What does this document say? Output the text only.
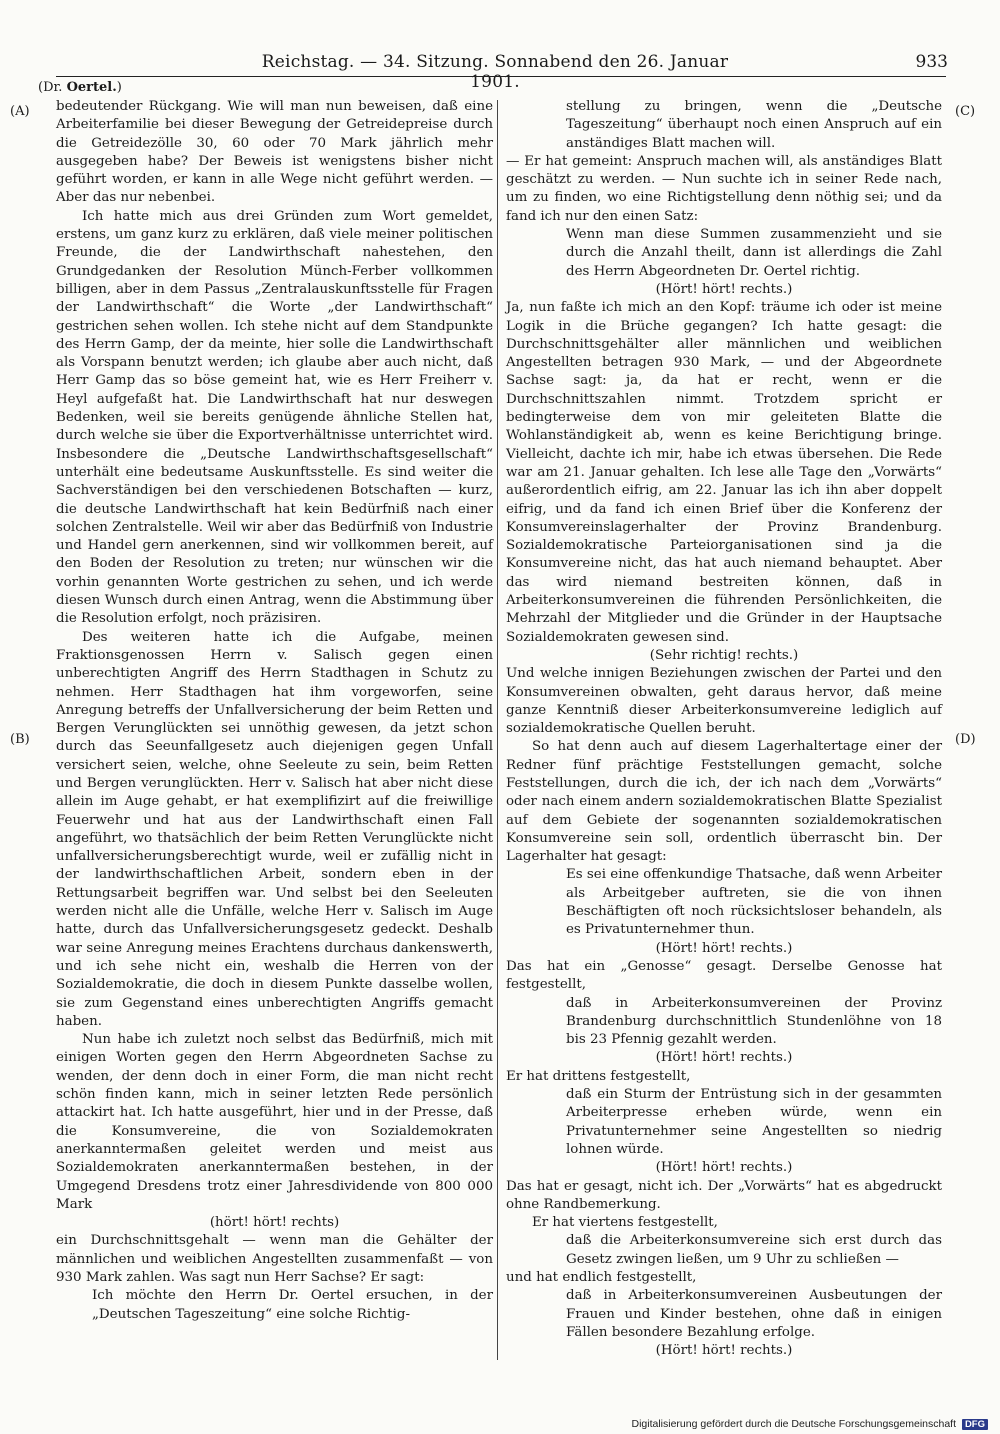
Reichstag. — 34. Sitzung. Sonnabend den 26. Januar 1901.
933
(Dr. Oertel.)
(A)
(B)
(C)
(D)

bedeutender Rückgang. Wie will man nun beweisen, daß eine Arbeiterfamilie bei dieser Bewegung der Getreidepreise durch die Getreidezölle 30, 60 oder 70 Mark jährlich mehr ausgegeben habe? Der Beweis ist wenigstens bisher nicht geführt worden, er kann in alle Wege nicht geführt werden. — Aber das nur nebenbei.

Ich hatte mich aus drei Gründen zum Wort gemeldet, erstens, um ganz kurz zu erklären, daß viele meiner politischen Freunde, die der Landwirthschaft nahestehen, den Grundgedanken der Resolution Münch-Ferber vollkommen billigen, aber in dem Passus „Zentralauskunftsstelle für Fragen der Landwirthschaft“ die Worte „der Landwirthschaft“ gestrichen sehen wollen. Ich stehe nicht auf dem Standpunkte des Herrn Gamp, der da meinte, hier solle die Landwirthschaft als Vorspann benutzt werden; ich glaube aber auch nicht, daß Herr Gamp das so böse gemeint hat, wie es Herr Freiherr v. Heyl aufgefaßt hat. Die Landwirthschaft hat nur deswegen Bedenken, weil sie bereits genügende ähnliche Stellen hat, durch welche sie über die Exportverhältnisse unterrichtet wird. Insbesondere die „Deutsche Landwirthschaftsgesellschaft“ unterhält eine bedeutsame Auskunftsstelle. Es sind weiter die Sachverständigen bei den verschiedenen Botschaften — kurz, die deutsche Landwirthschaft hat kein Bedürfniß nach einer solchen Zentralstelle. Weil wir aber das Bedürfniß von Industrie und Handel gern anerkennen, sind wir vollkommen bereit, auf den Boden der Resolution zu treten; nur wünschen wir die vorhin genannten Worte gestrichen zu sehen, und ich werde diesen Wunsch durch einen Antrag, wenn die Abstimmung über die Resolution erfolgt, noch präzisiren.

Des weiteren hatte ich die Aufgabe, meinen Fraktionsgenossen Herrn v. Salisch gegen einen unberechtigten Angriff des Herrn Stadthagen in Schutz zu nehmen. Herr Stadthagen hat ihm vorgeworfen, seine Anregung betreffs der Unfallversicherung der beim Retten und Bergen Verunglückten sei unnöthig gewesen, da jetzt schon durch das Seeunfallgesetz auch diejenigen gegen Unfall versichert seien, welche, ohne Seeleute zu sein, beim Retten und Bergen verunglückten. Herr v. Salisch hat aber nicht diese allein im Auge gehabt, er hat exemplifizirt auf die freiwillige Feuerwehr und hat aus der Landwirthschaft einen Fall angeführt, wo thatsächlich der beim Retten Verunglückte nicht unfallversicherungsberechtigt wurde, weil er zufällig nicht in der landwirthschaftlichen Arbeit, sondern eben in der Rettungsarbeit begriffen war. Und selbst bei den Seeleuten werden nicht alle die Unfälle, welche Herr v. Salisch im Auge hatte, durch das Unfallversicherungsgesetz gedeckt. Deshalb war seine Anregung meines Erachtens durchaus dankenswerth, und ich sehe nicht ein, weshalb die Herren von der Sozialdemokratie, die doch in diesem Punkte dasselbe wollen, sie zum Gegenstand eines unberechtigten Angriffs gemacht haben.

Nun habe ich zuletzt noch selbst das Bedürfniß, mich mit einigen Worten gegen den Herrn Abgeordneten Sachse zu wenden, der denn doch in einer Form, die man nicht recht schön finden kann, mich in seiner letzten Rede persönlich attackirt hat. Ich hatte ausgeführt, hier und in der Presse, daß die Konsumvereine, die von Sozialdemokraten anerkanntermaßen geleitet werden und meist aus Sozialdemokraten anerkanntermaßen bestehen, in der Umgegend Dresdens trotz einer Jahresdividende von 800 000 Mark

(hört! hört! rechts)

ein Durchschnittsgehalt — wenn man die Gehälter der männlichen und weiblichen Angestellten zusammenfaßt — von 930 Mark zahlen. Was sagt nun Herr Sachse? Er sagt:

Ich möchte den Herrn Dr. Oertel ersuchen, in der „Deutschen Tageszeitung“ eine solche Richtig-

stellung zu bringen, wenn die „Deutsche Tageszeitung“ überhaupt noch einen Anspruch auf ein anständiges Blatt machen will.

— Er hat gemeint: Anspruch machen will, als anständiges Blatt geschätzt zu werden. — Nun suchte ich in seiner Rede nach, um zu finden, wo eine Richtigstellung denn nöthig sei; und da fand ich nur den einen Satz:

Wenn man diese Summen zusammenzieht und sie durch die Anzahl theilt, dann ist allerdings die Zahl des Herrn Abgeordneten Dr. Oertel richtig.

(Hört! hört! rechts.)

Ja, nun faßte ich mich an den Kopf: träume ich oder ist meine Logik in die Brüche gegangen? Ich hatte gesagt: die Durchschnittsgehälter aller männlichen und weiblichen Angestellten betragen 930 Mark, — und der Abgeordnete Sachse sagt: ja, da hat er recht, wenn er die Durchschnittszahlen nimmt. Trotzdem spricht er bedingterweise dem von mir geleiteten Blatte die Wohlanständigkeit ab, wenn es keine Berichtigung bringe. Vielleicht, dachte ich mir, habe ich etwas übersehen. Die Rede war am 21. Januar gehalten. Ich lese alle Tage den „Vorwärts“ außerordentlich eifrig, am 22. Januar las ich ihn aber doppelt eifrig, und da fand ich einen Brief über die Konferenz der Konsumvereinslagerhalter der Provinz Brandenburg. Sozialdemokratische Parteiorganisationen sind ja die Konsumvereine nicht, das hat auch niemand behauptet. Aber das wird niemand bestreiten können, daß in Arbeiterkonsumvereinen die führenden Persönlichkeiten, die Mehrzahl der Mitglieder und die Gründer in der Hauptsache Sozialdemokraten gewesen sind.

(Sehr richtig! rechts.)

Und welche innigen Beziehungen zwischen der Partei und den Konsumvereinen obwalten, geht daraus hervor, daß meine ganze Kenntniß dieser Arbeiterkonsumvereine lediglich auf sozialdemokratische Quellen beruht.

So hat denn auch auf diesem Lagerhaltertage einer der Redner fünf prächtige Feststellungen gemacht, solche Feststellungen, durch die ich, der ich nach dem „Vorwärts“ oder nach einem andern sozialdemokratischen Blatte Spezialist auf dem Gebiete der sogenannten sozialdemokratischen Konsumvereine sein soll, ordentlich überrascht bin. Der Lagerhalter hat gesagt:

Es sei eine offenkundige Thatsache, daß wenn Arbeiter als Arbeitgeber auftreten, sie die von ihnen Beschäftigten oft noch rücksichtsloser behandeln, als es Privatunternehmer thun.

(Hört! hört! rechts.)

Das hat ein „Genosse“ gesagt. Derselbe Genosse hat festgestellt,

daß in Arbeiterkonsumvereinen der Provinz Brandenburg durchschnittlich Stundenlöhne von 18 bis 23 Pfennig gezahlt werden.

(Hört! hört! rechts.)

Er hat drittens festgestellt,

daß ein Sturm der Entrüstung sich in der gesammten Arbeiterpresse erheben würde, wenn ein Privatunternehmer seine Angestellten so niedrig lohnen würde.

(Hört! hört! rechts.)

Das hat er gesagt, nicht ich. Der „Vorwärts“ hat es abgedruckt ohne Randbemerkung.

Er hat viertens festgestellt,

daß die Arbeiterkonsumvereine sich erst durch das Gesetz zwingen ließen, um 9 Uhr zu schließen —

und hat endlich festgestellt,

daß in Arbeiterkonsumvereinen Ausbeutungen der Frauen und Kinder bestehen, ohne daß in einigen Fällen besondere Bezahlung erfolge.

(Hört! hört! rechts.)

Digitalisierung gefördert durch die Deutsche Forschungsgemeinschaft DFG
